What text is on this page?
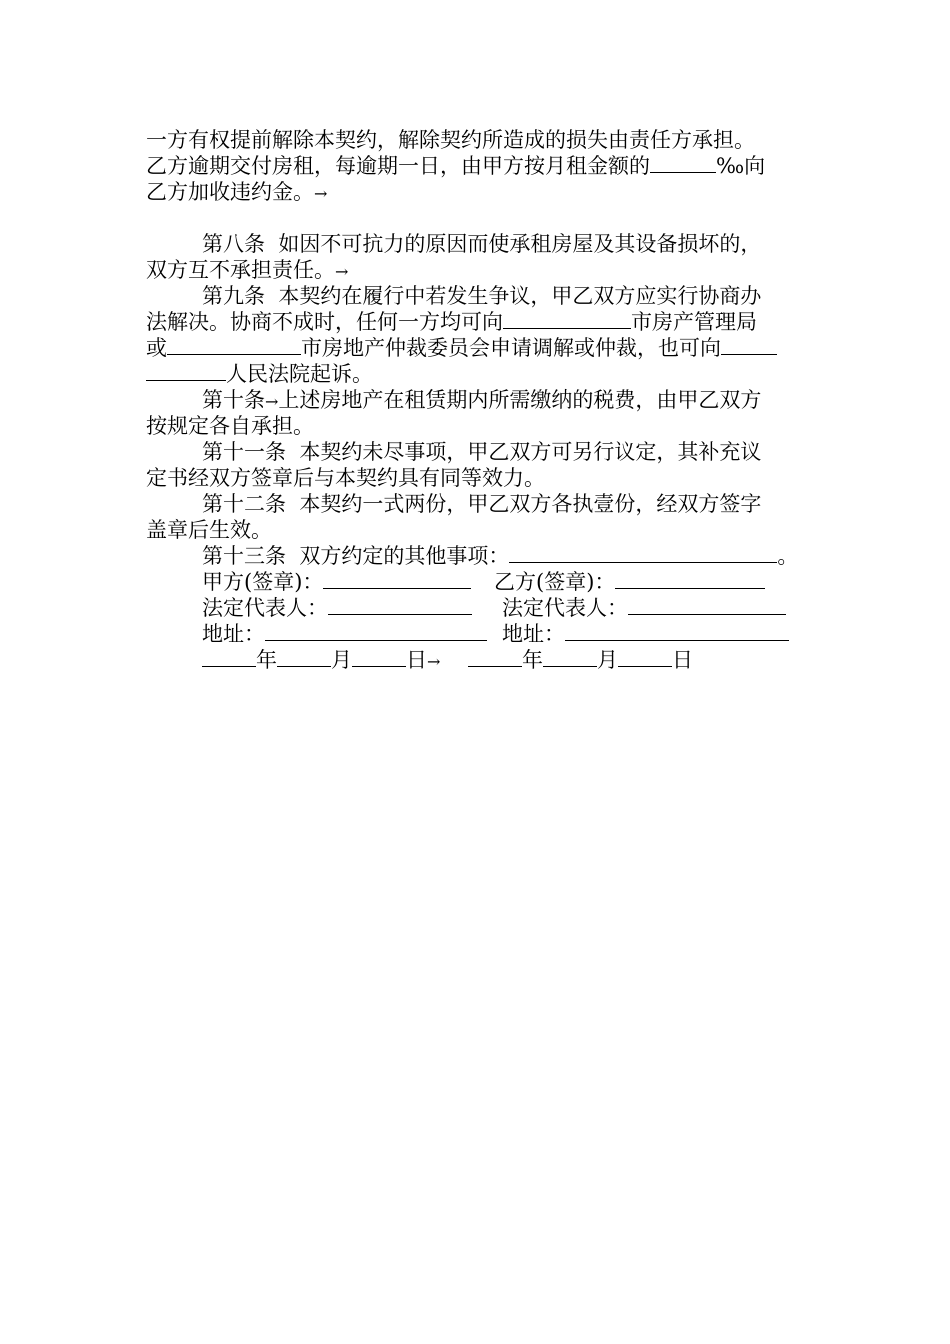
一方有权提前解除本契约，解除契约所造成的损失由责任方承担。
乙方逾期交付房租，每逾期一日，由甲方按月租金额的	‰向
乙方加收违约金。→
第八条  如因不可抗力的原因而使承租房屋及其设备损坏的，
双方互不承担责任。→
第九条  本契约在履行中若发生争议，甲乙双方应实行协商办
法解决。协商不成时，任何一方均可向	市房产管理局
或	市房地产仲裁委员会申请调解或仲裁，也可向
人民法院起诉。
第十条→上述房地产在租赁期内所需缴纳的税费，由甲乙双方
按规定各自承担。
第十一条  本契约未尽事项，甲乙双方可另行议定，其补充议
定书经双方签章后与本契约具有同等效力。
第十二条  本契约一式两份，甲乙双方各执壹份，经双方签字
盖章后生效。
第十三条  双方约定的其他事项：	。
甲方(签章)：	乙方(签章)：
法定代表人：	法定代表人：
地址：	地址：
年	月	日→	年	月	日
